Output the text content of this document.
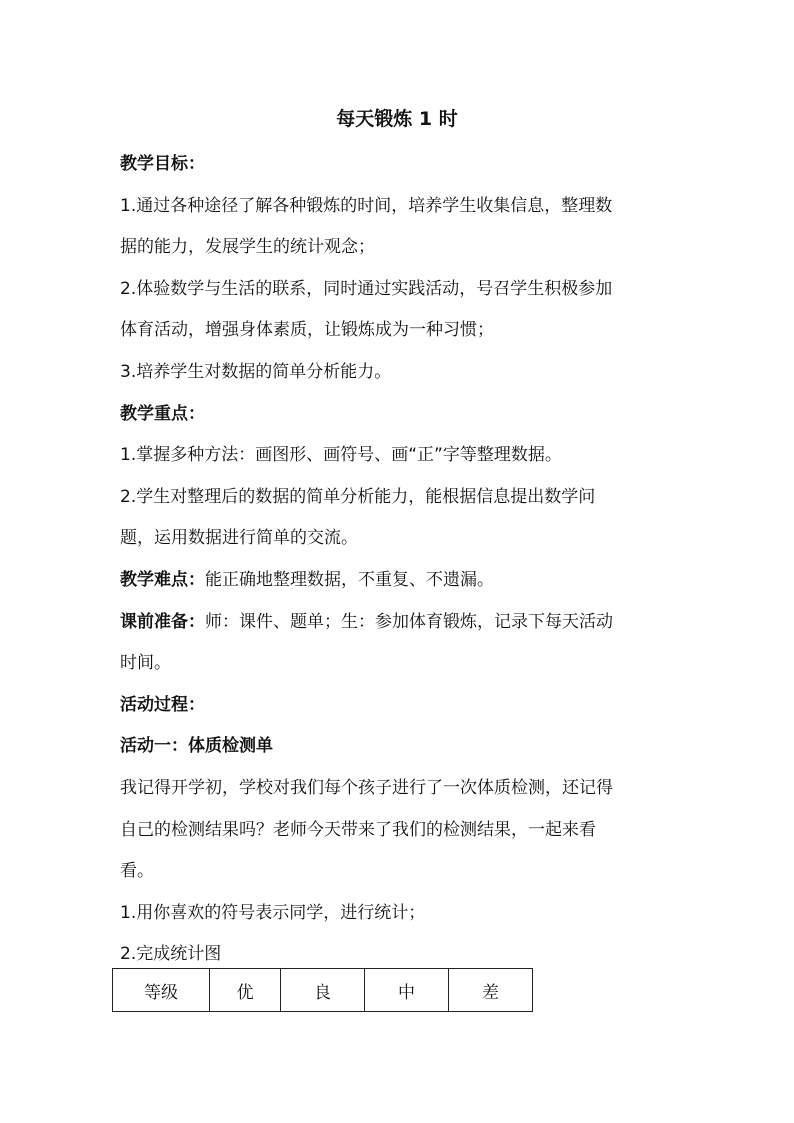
每天锻炼 1 时
教学目标：
1.通过各种途径了解各种锻炼的时间，培养学生收集信息，整理数
据的能力，发展学生的统计观念；
2.体验数学与生活的联系，同时通过实践活动，号召学生积极参加
体育活动，增强身体素质，让锻炼成为一种习惯；
3.培养学生对数据的简单分析能力。
教学重点：
1.掌握多种方法：画图形、画符号、画“正”字等整理数据。
2.学生对整理后的数据的简单分析能力，能根据信息提出数学问
题，运用数据进行简单的交流。
教学难点：能正确地整理数据，不重复、不遗漏。
课前准备：师：课件、题单；生：参加体育锻炼，记录下每天活动
时间。
活动过程：
活动一：体质检测单
我记得开学初，学校对我们每个孩子进行了一次体质检测，还记得
自己的检测结果吗？老师今天带来了我们的检测结果，一起来看
看。
1.用你喜欢的符号表示同学，进行统计；
2.完成统计图
等级	优	良	中	差
